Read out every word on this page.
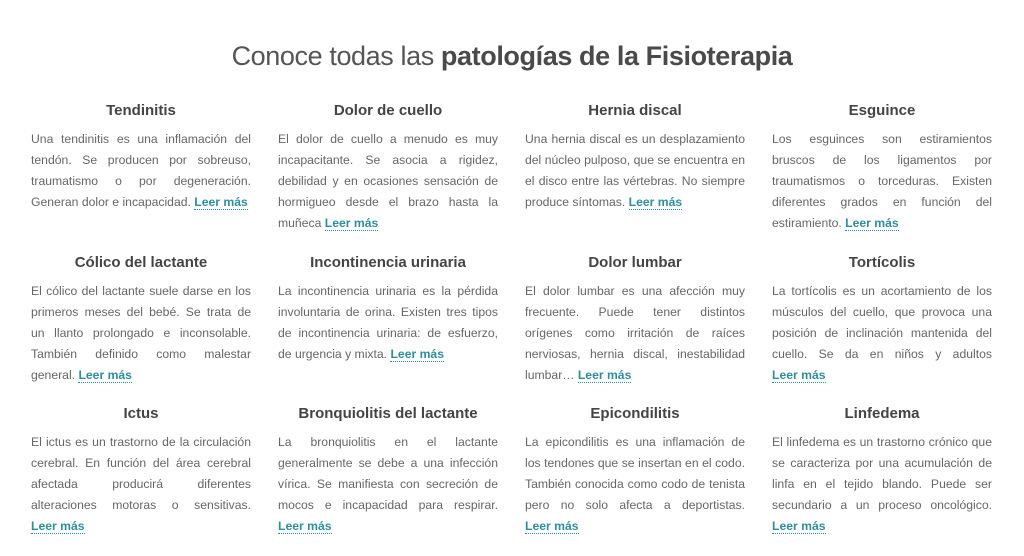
Conoce todas las patologías de la Fisioterapia
Tendinitis

Una tendinitis es una inflamación del tendón. Se producen por sobreuso, traumatismo o por degeneración. Generan dolor e incapacidad. Leer más

Dolor de cuello

El dolor de cuello a menudo es muy incapacitante. Se asocia a rigidez, debilidad y en ocasiones sensación de hormigueo desde el brazo hasta la muñeca Leer más

Hernia discal

Una hernia discal es un desplazamiento del núcleo pulposo, que se encuentra en el disco entre las vértebras. No siempre produce síntomas. Leer más

Esguince

Los esguinces son estiramientos bruscos de los ligamentos por traumatismos o torceduras. Existen diferentes grados en función del estiramiento. Leer más

Cólico del lactante

El cólico del lactante suele darse en los primeros meses del bebé. Se trata de un llanto prolongado e inconsolable. También definido como malestar general. Leer más

Incontinencia urinaria

La incontinencia urinaria es la pérdida involuntaria de orina. Existen tres tipos de incontinencia urinaria: de esfuerzo, de urgencia y mixta. Leer más

Dolor lumbar

El dolor lumbar es una afección muy frecuente. Puede tener distintos orígenes como irritación de raíces nerviosas, hernia discal, inestabilidad lumbar… Leer más

Tortícolis

La tortícolis es un acortamiento de los músculos del cuello, que provoca una posición de inclinación mantenida del cuello. Se da en niños y adultos Leer más

Ictus

El ictus es un trastorno de la circulación cerebral. En función del área cerebral afectada producirá diferentes alteraciones motoras o sensitivas. Leer más

Bronquiolitis del lactante

La bronquiolitis en el lactante generalmente se debe a una infección vírica. Se manifiesta con secreción de mocos e incapacidad para respirar. Leer más

Epicondilitis

La epicondilitis es una inflamación de los tendones que se insertan en el codo. También conocida como codo de tenista pero no solo afecta a deportistas. Leer más

Linfedema

El linfedema es un trastorno crónico que se caracteriza por una acumulación de linfa en el tejido blando. Puede ser secundario a un proceso oncológico. Leer más
